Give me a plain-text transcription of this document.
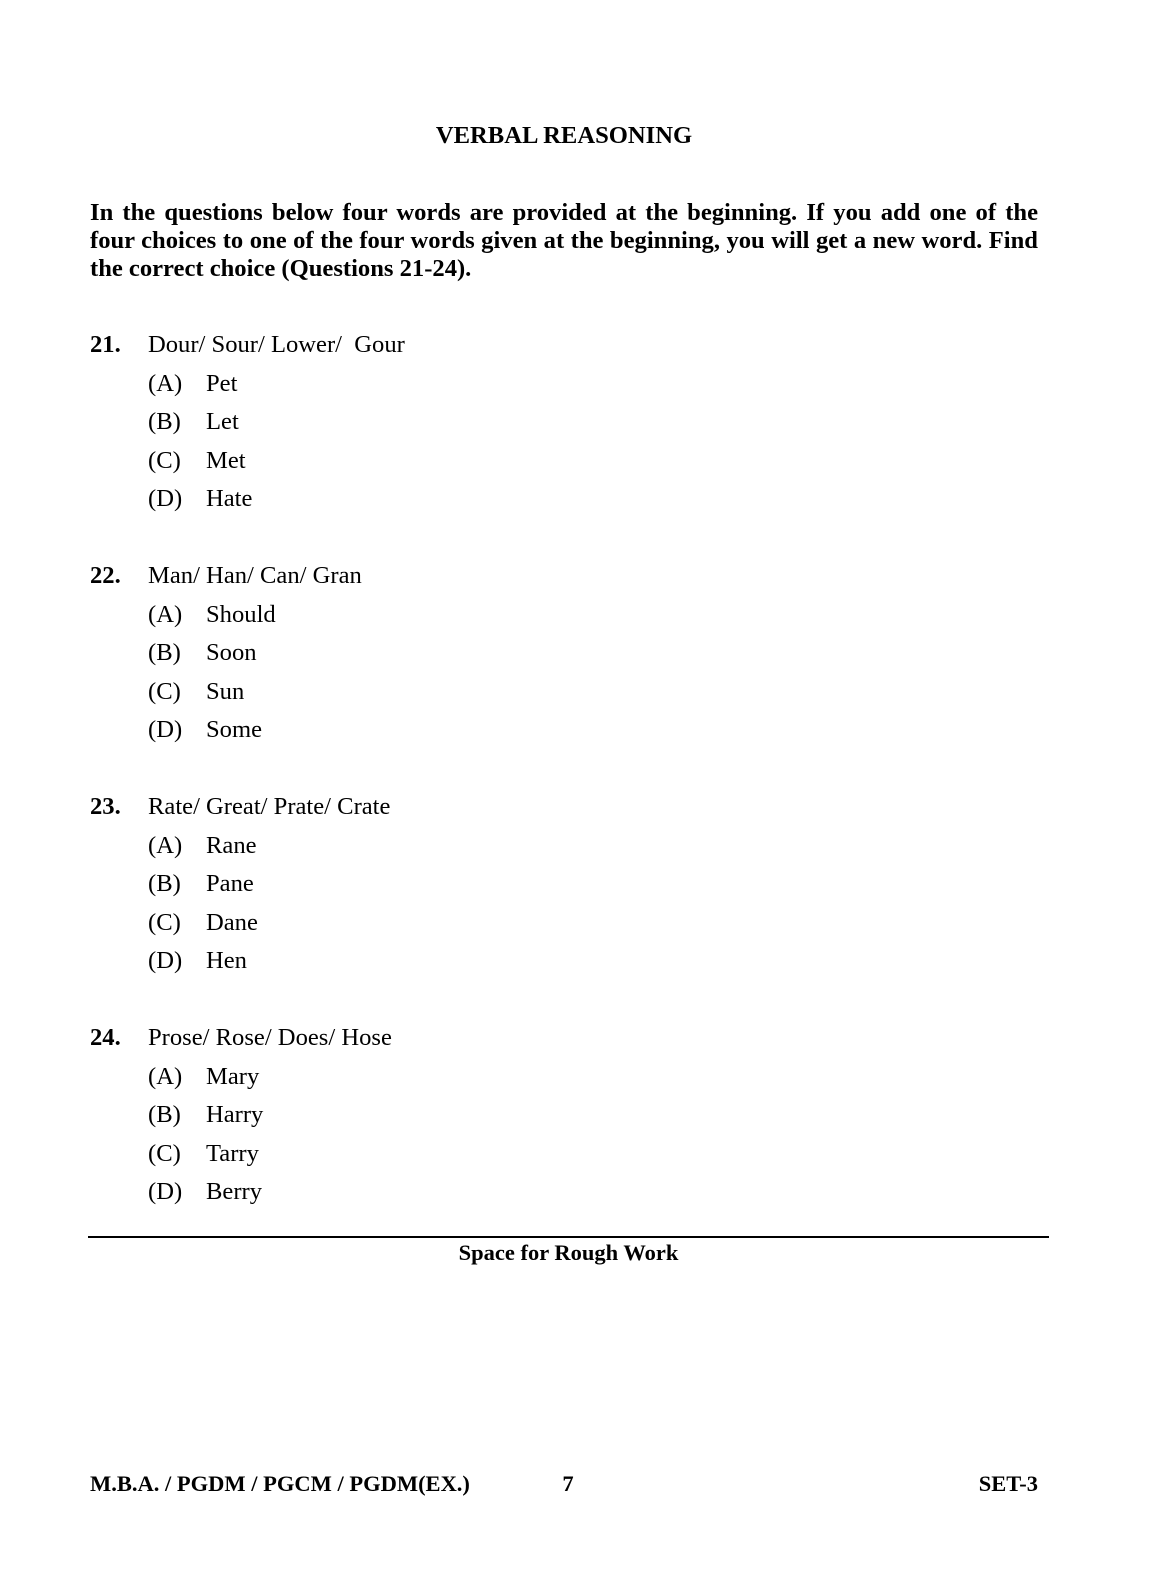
VERBAL REASONING

In the questions below four words are provided at the beginning. If you add one of the four choices to one of the four words given at the beginning, you will get a new word. Find the correct choice (Questions 21-24).

21.	Dour/ Sour/ Lower/  Gour
(A) Pet
(B)	Let
(C)	Met
(D) Hate
22.	Man/ Han/ Can/ Gran
(A) Should
(B)	Soon
(C)	Sun
(D) Some
23.	Rate/ Great/ Prate/ Crate
(A) Rane
(B)	Pane
(C)	Dane
(D) Hen
24.	Prose/ Rose/ Does/ Hose
(A) Mary
(B)	Harry
(C)	Tarry
(D) Berry
Space for Rough Work
M.B.A. / PGDM / PGCM / PGDM(EX.)	7	SET-3
